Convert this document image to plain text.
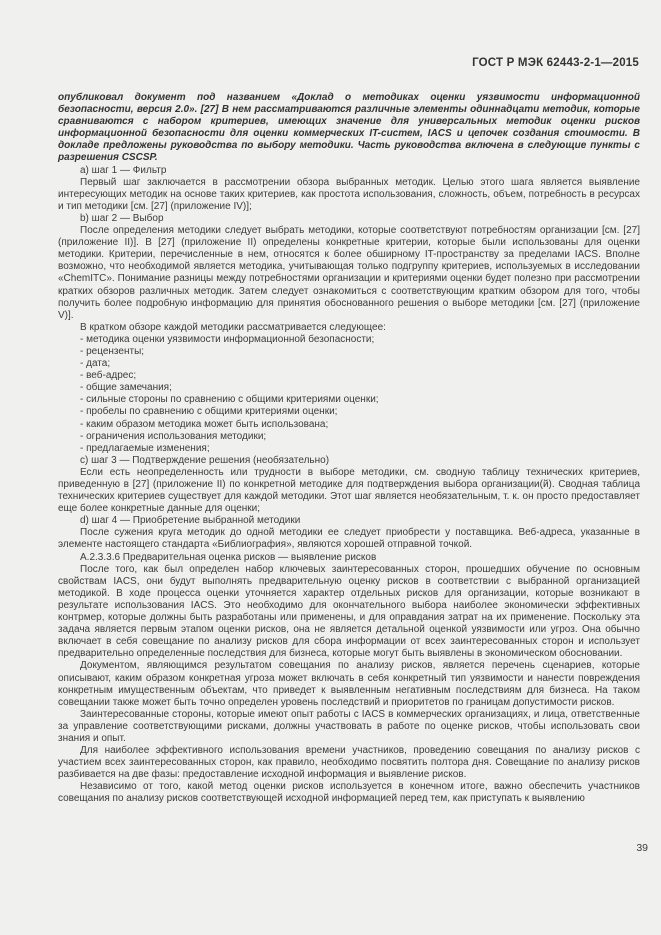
ГОСТ Р МЭК 62443-2-1—2015

опубликовал документ под названием «Доклад о методиках оценки уязвимости информационной безопасности, версия 2.0». [27] В нем рассматриваются различные элементы одиннадцати методик, которые сравниваются с набором критериев, имеющих значение для универсальных методик оценки рисков информационной безопасности для оценки коммерческих IT-систем, IACS и цепочек создания стоимости. В докладе предложены руководства по выбору методики. Часть руководства включена в следующие пункты с разрешения CSCSP.

a) шаг 1 — Фильтр

Первый шаг заключается в рассмотрении обзора выбранных методик. Целью этого шага является выявление интересующих методик на основе таких критериев, как простота использования, сложность, объем, потребность в ресурсах и тип методики [см. [27] (приложение IV)];

b) шаг 2 — Выбор

После определения методики следует выбрать методики, которые соответствуют потребностям организации [см. [27] (приложение II)]. В [27] (приложение II) определены конкретные критерии, которые были использованы для оценки методики. Критерии, перечисленные в нем, относятся к более обширному IT-пространству за пределами IACS. Вполне возможно, что необходимой является методика, учитывающая только подгруппу критериев, используемых в исследовании «ChemITC». Понимание разницы между потребностями организации и критериями оценки будет полезно при рассмотрении кратких обзоров различных методик. Затем следует ознакомиться с соответствующим кратким обзором для того, чтобы получить более подробную информацию для принятия обоснованного решения о выборе методики [см. [27] (приложение V)].

В кратком обзоре каждой методики рассматривается следующее:

- методика оценки уязвимости информационной безопасности;

- рецензенты;

- дата;

- веб-адрес;

- общие замечания;

- сильные стороны по сравнению с общими критериями оценки;

- пробелы по сравнению с общими критериями оценки;

- каким образом методика может быть использована;

- ограничения использования методики;

- предлагаемые изменения;

c) шаг 3 — Подтверждение решения (необязательно)

Если есть неопределенность или трудности в выборе методики, см. сводную таблицу технических критериев, приведенную в [27] (приложение II) по конкретной методике для подтверждения выбора организации(й). Сводная таблица технических критериев существует для каждой методики. Этот шаг является необязательным, т. к. он просто предоставляет еще более конкретные данные для оценки;

d) шаг 4 — Приобретение выбранной методики

После сужения круга методик до одной методики ее следует приобрести у поставщика. Веб-адреса, указанные в элементе настоящего стандарта «Библиография», являются хорошей отправной точкой.

А.2.3.3.6 Предварительная оценка рисков — выявление рисков

После того, как был определен набор ключевых заинтересованных сторон, прошедших обучение по основным свойствам IACS, они будут выполнять предварительную оценку рисков в соответствии с выбранной организацией методикой. В ходе процесса оценки уточняется характер отдельных рисков для организации, которые возникают в результате использования IACS. Это необходимо для окончательного выбора наиболее экономически эффективных контрмер, которые должны быть разработаны или применены, и для оправдания затрат на их применение. Поскольку эта задача является первым этапом оценки рисков, она не является детальной оценкой уязвимости или угроз. Она обычно включает в себя совещание по анализу рисков для сбора информации от всех заинтересованных сторон и использует предварительно определенные последствия для бизнеса, которые могут быть выявлены в экономическом обосновании.

Документом, являющимся результатом совещания по анализу рисков, является перечень сценариев, которые описывают, каким образом конкретная угроза может включать в себя конкретный тип уязвимости и нанести повреждения конкретным имущественным объектам, что приведет к выявленным негативным последствиям для бизнеса. На таком совещании также может быть точно определен уровень последствий и приоритетов по границам допустимости рисков.

Заинтересованные стороны, которые имеют опыт работы с IACS в коммерческих организациях, и лица, ответственные за управление соответствующими рисками, должны участвовать в работе по оценке рисков, чтобы использовать свои знания и опыт.

Для наиболее эффективного использования времени участников, проведению совещания по анализу рисков с участием всех заинтересованных сторон, как правило, необходимо посвятить полтора дня. Совещание по анализу рисков разбивается на две фазы: предоставление исходной информация и выявление рисков.

Независимо от того, какой метод оценки рисков используется в конечном итоге, важно обеспечить участников совещания по анализу рисков соответствующей исходной информацией перед тем, как приступать к выявлению

39
